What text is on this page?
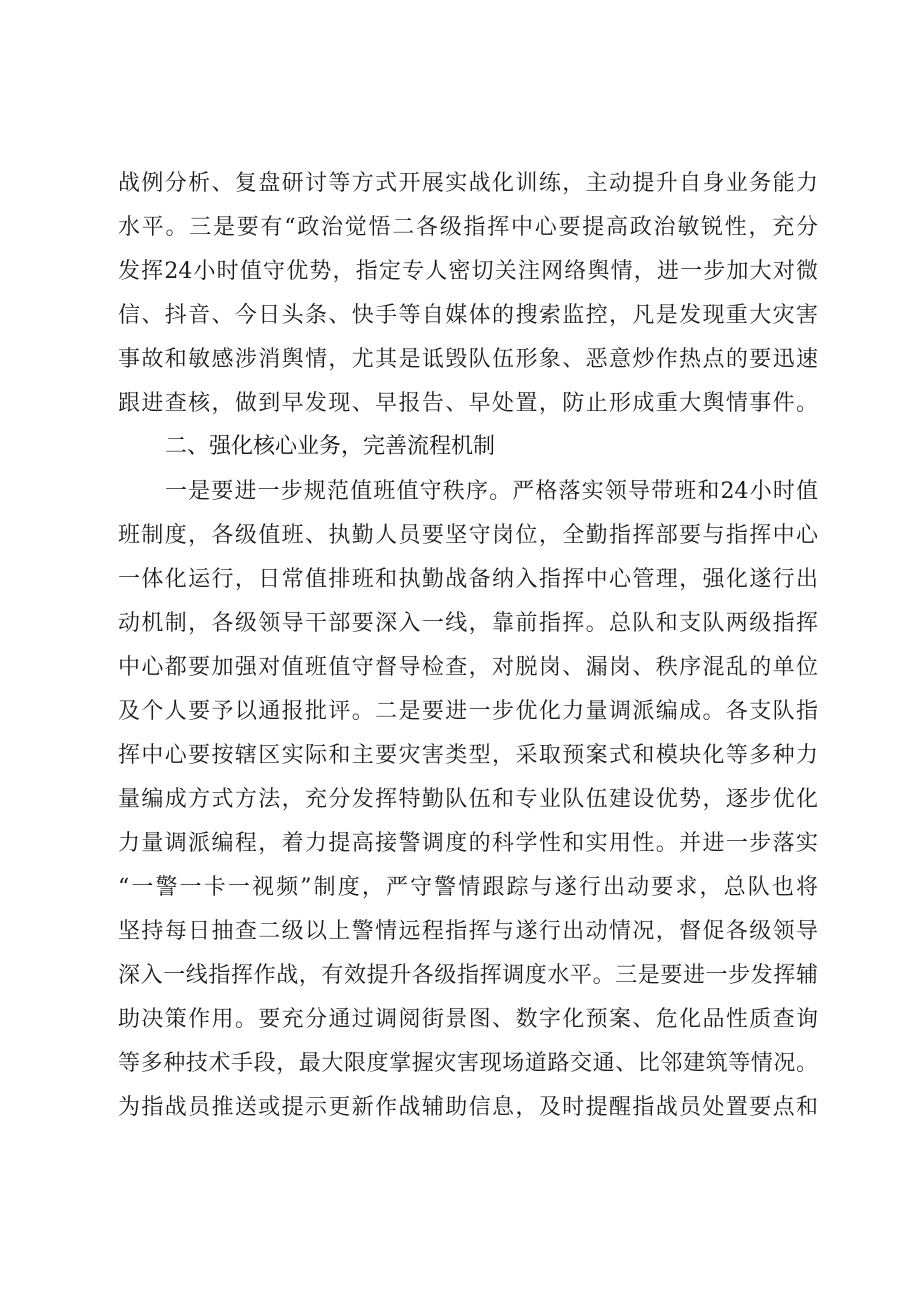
战例分析、复盘研讨等方式开展实战化训练，主动提升自身业务能力
水平。三是要有“政治觉悟二各级指挥中心要提高政治敏锐性，充分
发挥24小时值守优势，指定专人密切关注网络舆情，进一步加大对微
信、抖音、今日头条、快手等自媒体的搜索监控，凡是发现重大灾害
事故和敏感涉消舆情，尤其是诋毁队伍形象、恶意炒作热点的要迅速
跟进查核，做到早发现、早报告、早处置，防止形成重大舆情事件。
二、强化核心业务，完善流程机制
一是要进一步规范值班值守秩序。严格落实领导带班和24小时值
班制度，各级值班、执勤人员要坚守岗位，全勤指挥部要与指挥中心
一体化运行，日常值排班和执勤战备纳入指挥中心管理，强化遂行出
动机制，各级领导干部要深入一线，靠前指挥。总队和支队两级指挥
中心都要加强对值班值守督导检查，对脱岗、漏岗、秩序混乱的单位
及个人要予以通报批评。二是要进一步优化力量调派编成。各支队指
挥中心要按辖区实际和主要灾害类型，采取预案式和模块化等多种力
量编成方式方法，充分发挥特勤队伍和专业队伍建设优势，逐步优化
力量调派编程，着力提高接警调度的科学性和实用性。并进一步落实
“一警一卡一视频”制度，严守警情跟踪与遂行出动要求，总队也将
坚持每日抽查二级以上警情远程指挥与遂行出动情况，督促各级领导
深入一线指挥作战，有效提升各级指挥调度水平。三是要进一步发挥辅
助决策作用。要充分通过调阅街景图、数字化预案、危化品性质查询
等多种技术手段，最大限度掌握灾害现场道路交通、比邻建筑等情况。
为指战员推送或提示更新作战辅助信息，及时提醒指战员处置要点和
